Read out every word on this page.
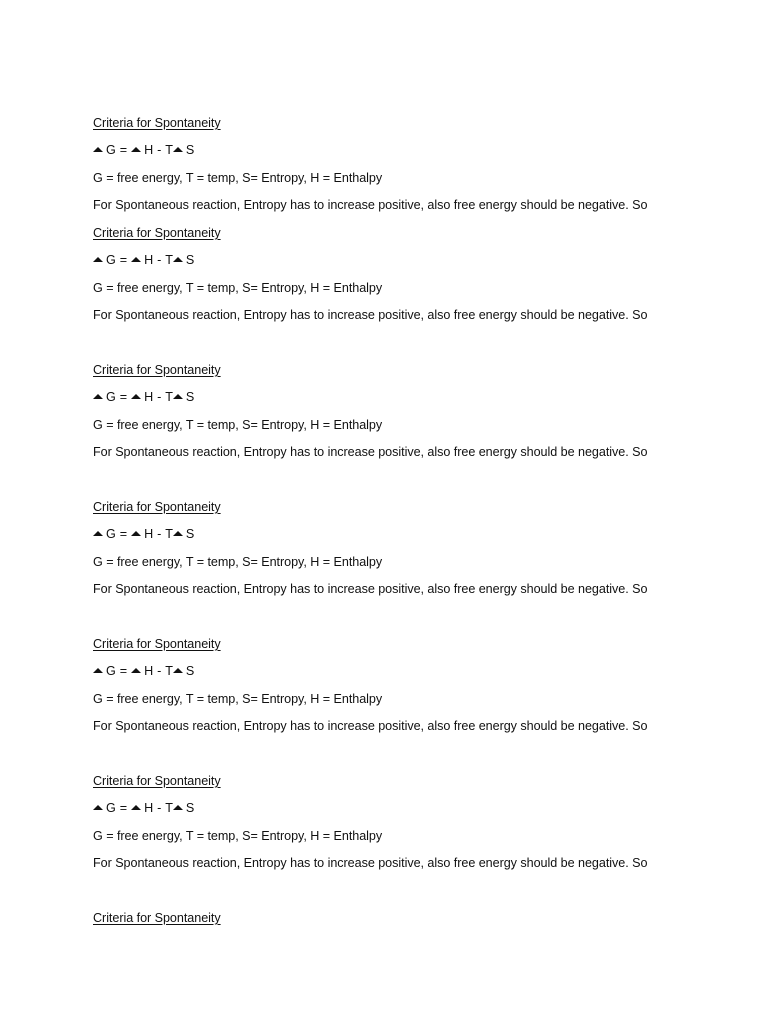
Criteria for Spontaneity

G = H - T S

G = free energy, T = temp, S= Entropy, H = Enthalpy

For Spontaneous reaction, Entropy has to increase positive, also free energy should be negative. So

Criteria for Spontaneity

G = H - T S

G = free energy, T = temp, S= Entropy, H = Enthalpy

For Spontaneous reaction, Entropy has to increase positive, also free energy should be negative. So

Criteria for Spontaneity

G = H - T S

G = free energy, T = temp, S= Entropy, H = Enthalpy

For Spontaneous reaction, Entropy has to increase positive, also free energy should be negative. So

Criteria for Spontaneity

G = H - T S

G = free energy, T = temp, S= Entropy, H = Enthalpy

For Spontaneous reaction, Entropy has to increase positive, also free energy should be negative. So

Criteria for Spontaneity

G = H - T S

G = free energy, T = temp, S= Entropy, H = Enthalpy

For Spontaneous reaction, Entropy has to increase positive, also free energy should be negative. So

Criteria for Spontaneity

G = H - T S

G = free energy, T = temp, S= Entropy, H = Enthalpy

For Spontaneous reaction, Entropy has to increase positive, also free energy should be negative. So

Criteria for Spontaneity
